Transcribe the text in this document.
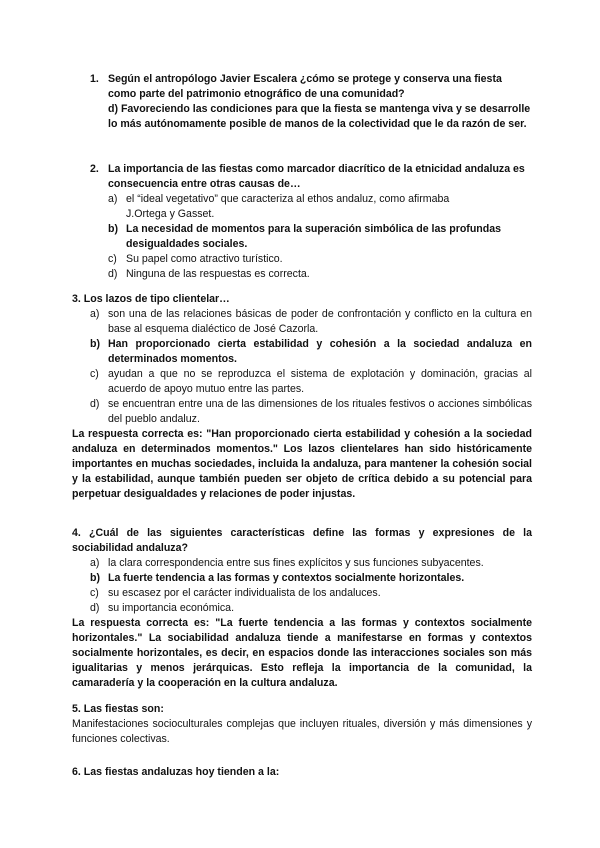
1. Según el antropólogo Javier Escalera ¿cómo se protege y conserva una fiesta como parte del patrimonio etnográfico de una comunidad?
d) Favoreciendo las condiciones para que la fiesta se mantenga viva y se desarrolle lo más autónomamente posible de manos de la colectividad que le da razón de ser.
2. La importancia de las fiestas como marcador diacrítico de la etnicidad andaluza es consecuencia entre otras causas de…
a) el “ideal vegetativo” que caracteriza al ethos andaluz, como afirmaba J.Ortega y Gasset.
b) La necesidad de momentos para la superación simbólica de las profundas desigualdades sociales.
c) Su papel como atractivo turístico.
d) Ninguna de las respuestas es correcta.
3. Los lazos de tipo clientelar…
a) son una de las relaciones básicas de poder de confrontación y conflicto en la cultura en base al esquema dialéctico de José Cazorla.
b) Han proporcionado cierta estabilidad y cohesión a la sociedad andaluza en determinados momentos.
c) ayudan a que no se reproduzca el sistema de explotación y dominación, gracias al acuerdo de apoyo mutuo entre las partes.
d) se encuentran entre una de las dimensiones de los rituales festivos o acciones simbólicas del pueblo andaluz.
La respuesta correcta es: "Han proporcionado cierta estabilidad y cohesión a la sociedad andaluza en determinados momentos." Los lazos clientelares han sido históricamente importantes en muchas sociedades, incluida la andaluza, para mantener la cohesión social y la estabilidad, aunque también pueden ser objeto de crítica debido a su potencial para perpetuar desigualdades y relaciones de poder injustas.
4. ¿Cuál de las siguientes características define las formas y expresiones de la sociabilidad andaluza?
a) la clara correspondencia entre sus fines explícitos y sus funciones subyacentes.
b) La fuerte tendencia a las formas y contextos socialmente horizontales.
c) su escasez por el carácter individualista de los andaluces.
d) su importancia económica.
La respuesta correcta es: "La fuerte tendencia a las formas y contextos socialmente horizontales." La sociabilidad andaluza tiende a manifestarse en formas y contextos socialmente horizontales, es decir, en espacios donde las interacciones sociales son más igualitarias y menos jerárquicas. Esto refleja la importancia de la comunidad, la camaradería y la cooperación en la cultura andaluza.
5. Las fiestas son:
Manifestaciones socioculturales complejas que incluyen rituales, diversión y más dimensiones y funciones colectivas.
6. Las fiestas andaluzas hoy tienden a la:
